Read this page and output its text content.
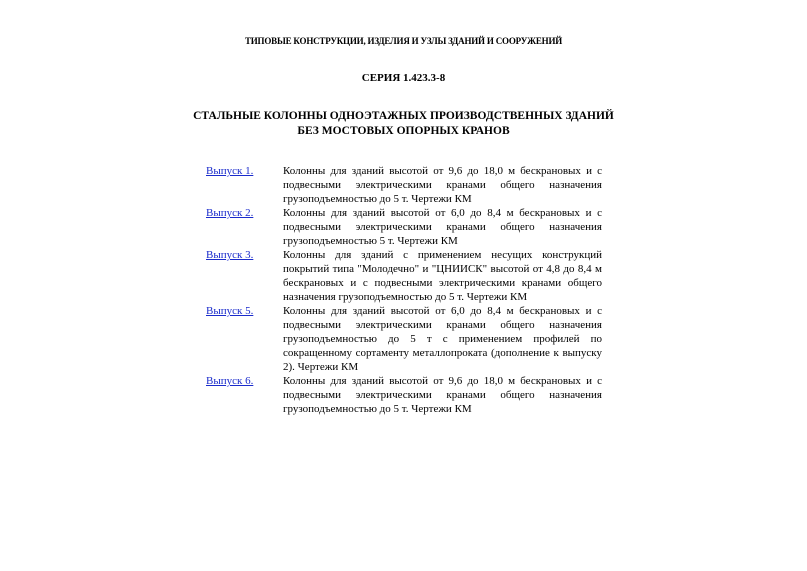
ТИПОВЫЕ КОНСТРУКЦИИ, ИЗДЕЛИЯ И УЗЛЫ ЗДАНИЙ И СООРУЖЕНИЙ
СЕРИЯ 1.423.3-8
СТАЛЬНЫЕ КОЛОННЫ ОДНОЭТАЖНЫХ ПРОИЗВОДСТВЕННЫХ ЗДАНИЙ
БЕЗ МОСТОВЫХ ОПОРНЫХ КРАНОВ
Выпуск 1.	Колонны для зданий высотой от 9,6 до 18,0 м бескрановых и с подвесными электрическими кранами общего назначения грузоподъемностью до 5 т. Чертежи КМ
Выпуск 2.	Колонны для зданий высотой от 6,0 до 8,4 м бескрановых и с подвесными электрическими кранами общего назначения грузоподъемностью 5 т. Чертежи КМ
Выпуск 3.	Колонны для зданий с применением несущих конструкций покрытий типа "Молодечно" и "ЦНИИСК" высотой от 4,8 до 8,4 м бескрановых и с подвесными электрическими кранами общего назначения грузоподъемностью до 5 т. Чертежи КМ
Выпуск 5.	Колонны для зданий высотой от 6,0 до 8,4 м бескрановых и с подвесными электрическими кранами общего назначения грузоподъемностью до 5 т с применением профилей по сокращенному сортаменту металлопроката (дополнение к выпуску 2). Чертежи КМ
Выпуск 6.	Колонны для зданий высотой от 9,6 до 18,0 м бескрановых и с подвесными электрическими кранами общего назначения грузоподъемностью до 5 т. Чертежи КМ
